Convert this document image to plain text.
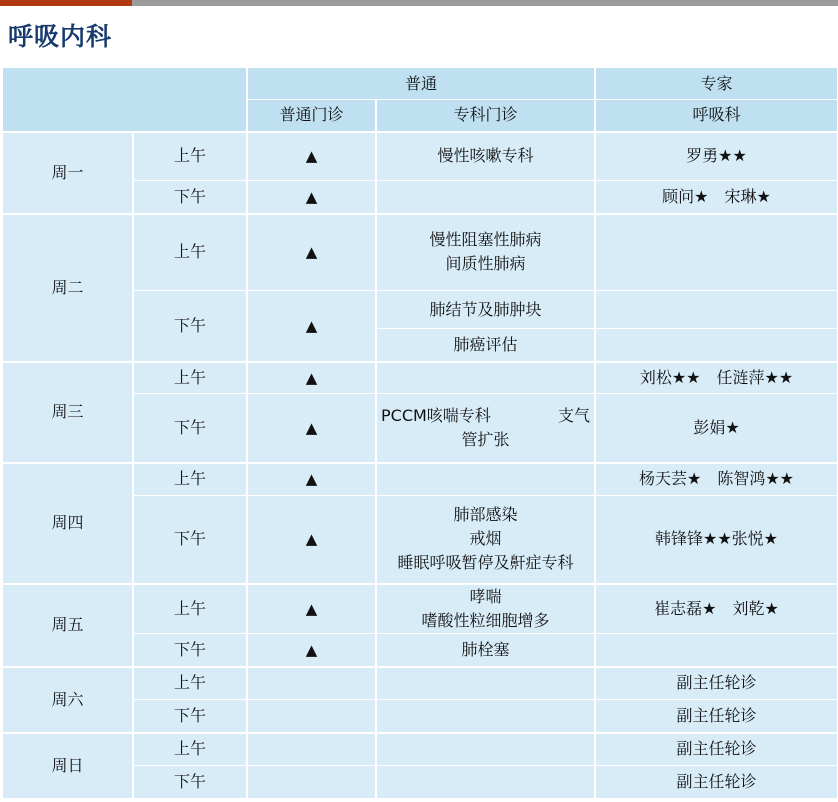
呼吸内科
		普通		专家
		普通门诊	专科门诊	呼吸科
周一	上午	▲	慢性咳嗽专科	罗勇★★
	下午	▲		顾问★　宋琳★
周二	上午	▲	慢性阻塞性肺病
间质性肺病	

	下午	▲	肺结节及肺肿块	
			肺癌评估	
周三	上午	▲		刘松★★　任涟萍★★
	下午	▲	PCCM咳喘专科 支气
管扩张	彭娟★
周四	上午	▲		杨天芸★　陈智鸿★★
	下午	▲	肺部感染
戒烟
睡眠呼吸暂停及鼾症专科	韩锋锋★★张悦★
周五	上午	▲	哮喘
嗜酸性粒细胞增多	崔志磊★　刘乾★
	下午	▲	肺栓塞	
周六	上午			副主任轮诊
	下午			副主任轮诊
周日	上午			副主任轮诊
	下午			副主任轮诊
